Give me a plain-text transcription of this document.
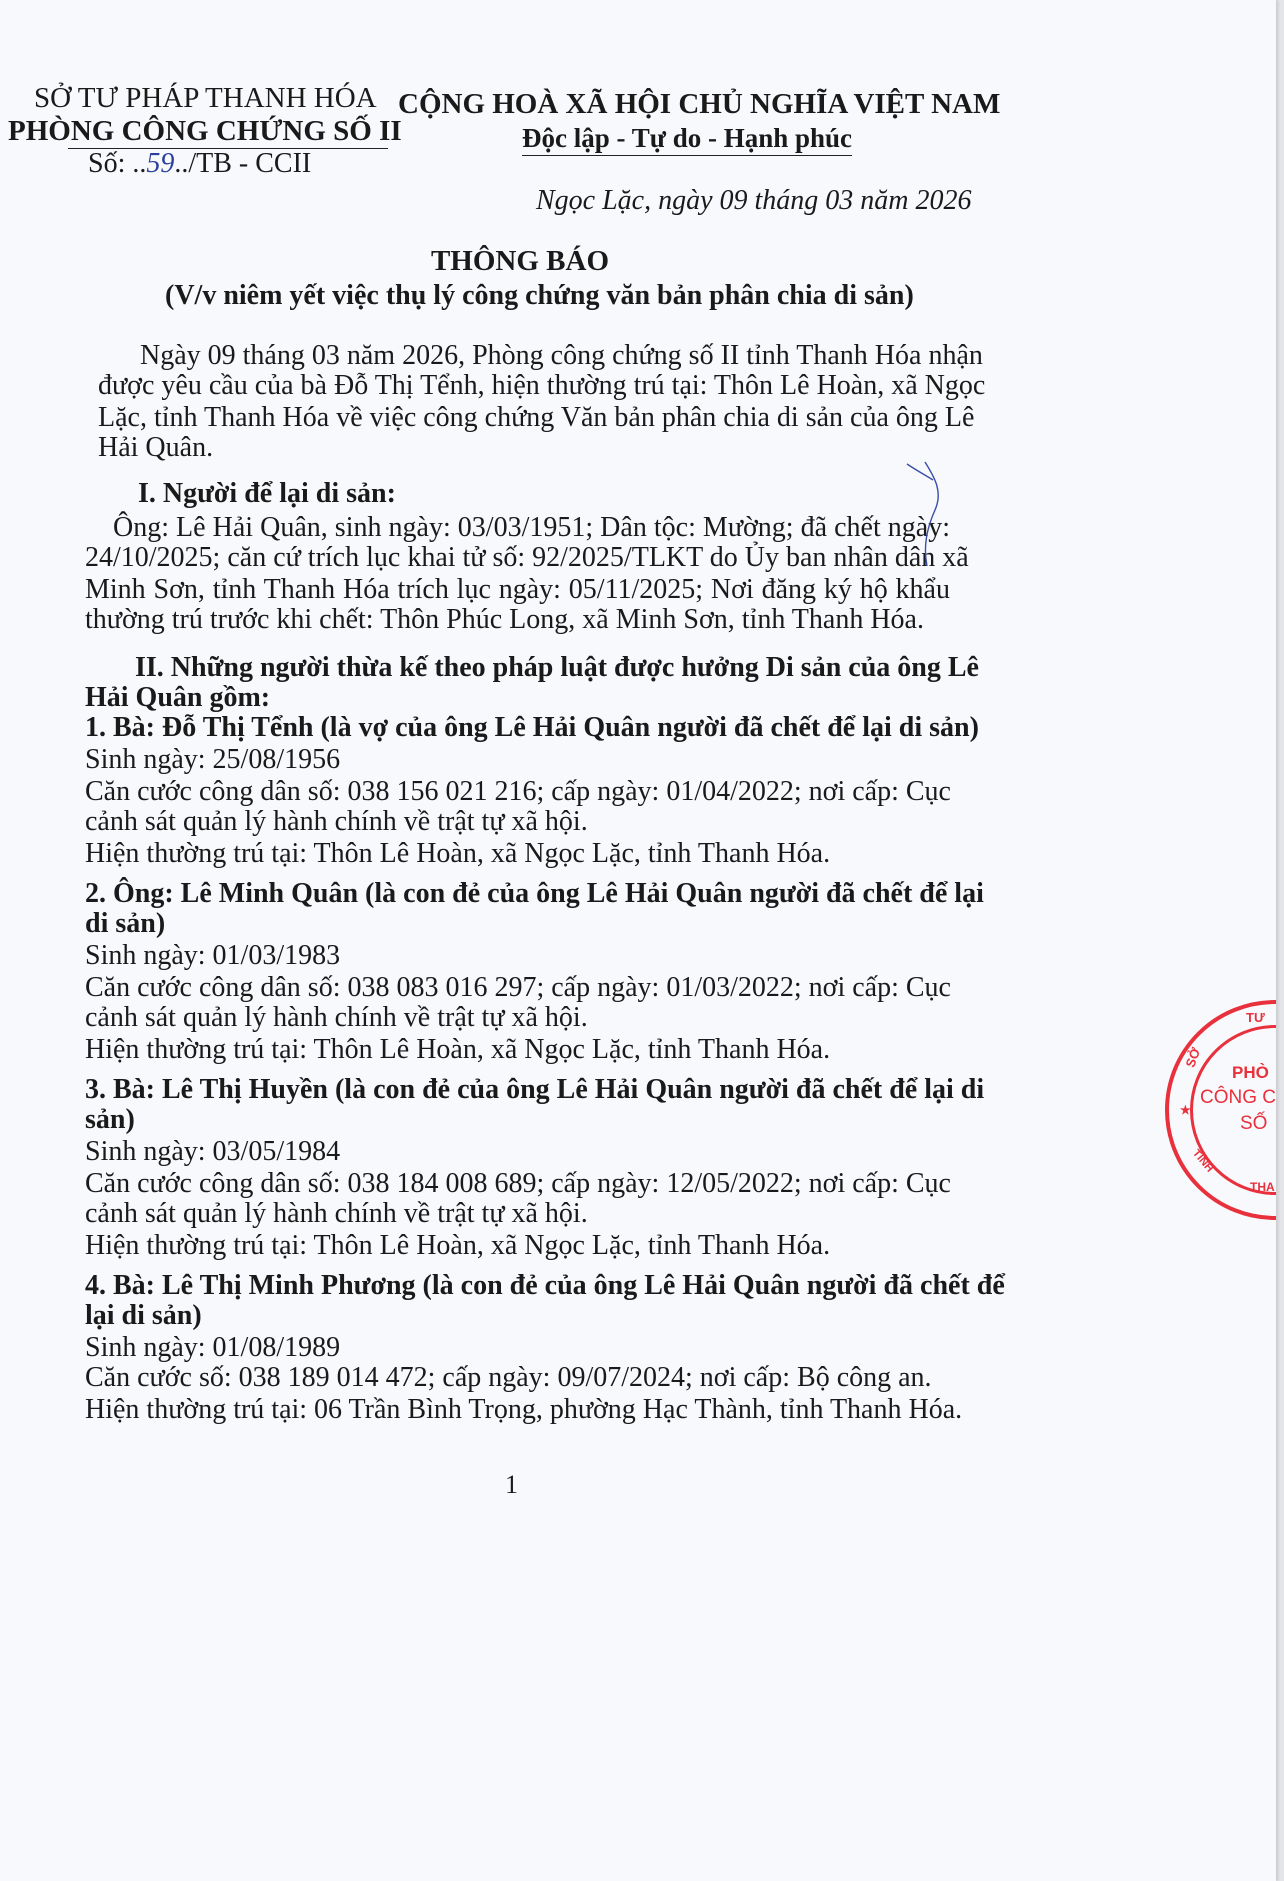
SỞ TƯ PHÁP THANH HÓA
PHÒNG CÔNG CHỨNG SỐ II
Số: ..59../TB - CCII
CỘNG HOÀ XÃ HỘI CHỦ NGHĨA VIỆT NAM
Độc lập - Tự do - Hạnh phúc
Ngọc Lặc, ngày 09 tháng 03 năm 2026
THÔNG BÁO
(V/v niêm yết việc thụ lý công chứng văn bản phân chia di sản)
Ngày 09 tháng 03 năm 2026, Phòng công chứng số II tỉnh Thanh Hóa nhận
được yêu cầu của bà Đỗ Thị Tểnh, hiện thường trú tại: Thôn Lê Hoàn, xã Ngọc
Lặc, tỉnh Thanh Hóa về việc công chứng Văn bản phân chia di sản của ông Lê
Hải Quân.
I. Người để lại di sản:
Ông: Lê Hải Quân, sinh ngày: 03/03/1951; Dân tộc: Mường; đã chết ngày:
24/10/2025; căn cứ trích lục khai tử số: 92/2025/TLKT do Ủy ban nhân dân xã
Minh Sơn, tỉnh Thanh Hóa trích lục ngày: 05/11/2025; Nơi đăng ký hộ khẩu
thường trú trước khi chết: Thôn Phúc Long, xã Minh Sơn, tỉnh Thanh Hóa.
II. Những người thừa kế theo pháp luật được hưởng Di sản của ông Lê
Hải Quân gồm:
1. Bà: Đỗ Thị Tểnh (là vợ của ông Lê Hải Quân người đã chết để lại di sản)
Sinh ngày: 25/08/1956
Căn cước công dân số: 038 156 021 216; cấp ngày: 01/04/2022; nơi cấp: Cục
cảnh sát quản lý hành chính về trật tự xã hội.
Hiện thường trú tại: Thôn Lê Hoàn, xã Ngọc Lặc, tỉnh Thanh Hóa.
2. Ông: Lê Minh Quân (là con đẻ của ông Lê Hải Quân người đã chết để lại
di sản)
Sinh ngày: 01/03/1983
Căn cước công dân số: 038 083 016 297; cấp ngày: 01/03/2022; nơi cấp: Cục
cảnh sát quản lý hành chính về trật tự xã hội.
Hiện thường trú tại: Thôn Lê Hoàn, xã Ngọc Lặc, tỉnh Thanh Hóa.
3. Bà: Lê Thị Huyền (là con đẻ của ông Lê Hải Quân người đã chết để lại di
sản)
Sinh ngày: 03/05/1984
Căn cước công dân số: 038 184 008 689; cấp ngày: 12/05/2022; nơi cấp: Cục
cảnh sát quản lý hành chính về trật tự xã hội.
Hiện thường trú tại: Thôn Lê Hoàn, xã Ngọc Lặc, tỉnh Thanh Hóa.
4. Bà: Lê Thị Minh Phương (là con đẻ của ông Lê Hải Quân người đã chết để
lại di sản)
Sinh ngày: 01/08/1989
Căn cước số: 038 189 014 472; cấp ngày: 09/07/2024; nơi cấp: Bộ công an.
Hiện thường trú tại: 06 Trần Bình Trọng, phường Hạc Thành, tỉnh Thanh Hóa.
1
TƯ
SỞ
PHÒ
CÔNG C
SỐ
★
TỈNH
THA
